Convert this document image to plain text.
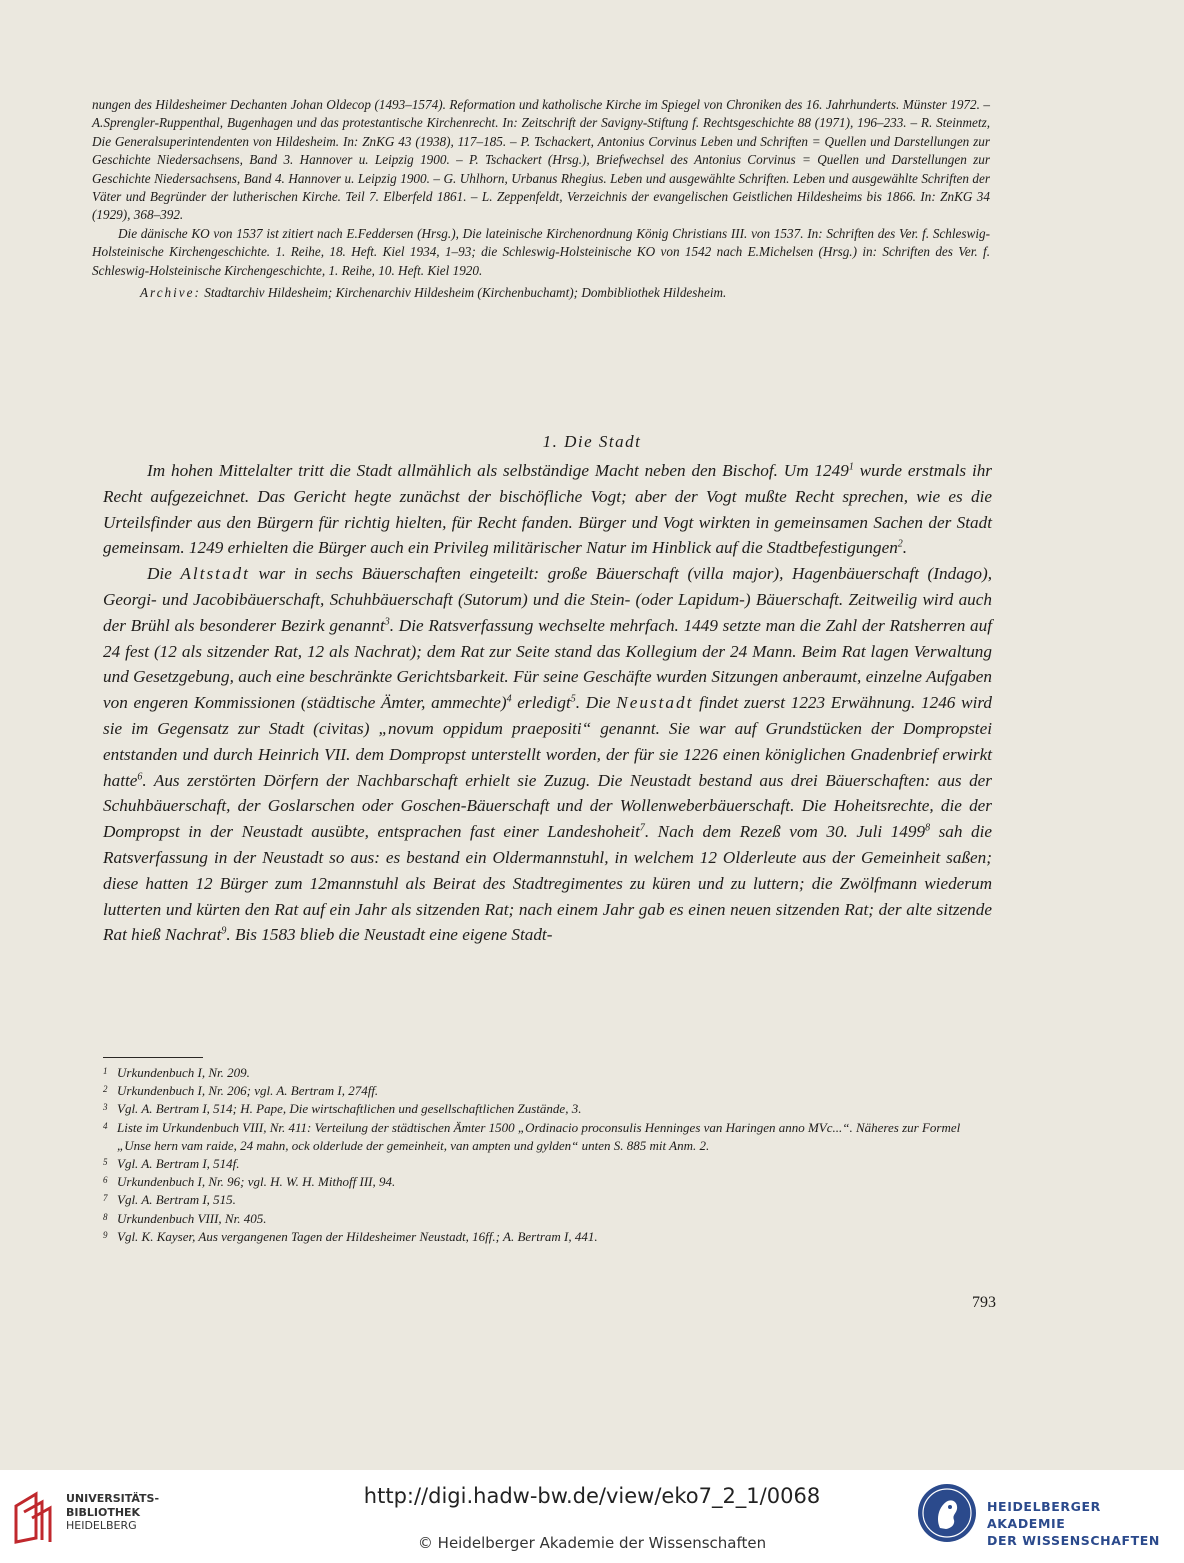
nungen des Hildesheimer Dechanten Johan Oldecop (1493–1574). Reformation und katholische Kirche im Spiegel von Chroniken des 16. Jahrhunderts. Münster 1972. – A.Sprengler-Ruppenthal, Bugenhagen und das protestantische Kirchenrecht. In: Zeitschrift der Savigny-Stiftung f. Rechtsgeschichte 88 (1971), 196–233. – R. Steinmetz, Die Generalsuperintendenten von Hildesheim. In: ZnKG 43 (1938), 117–185. – P. Tschackert, Antonius Corvinus Leben und Schriften = Quellen und Darstellungen zur Geschichte Niedersachsens, Band 3. Hannover u. Leipzig 1900. – P. Tschackert (Hrsg.), Briefwechsel des Antonius Corvinus = Quellen und Darstellungen zur Geschichte Niedersachsens, Band 4. Hannover u. Leipzig 1900. – G. Uhlhorn, Urbanus Rhegius. Leben und ausgewählte Schriften. Leben und ausgewählte Schriften der Väter und Begründer der lutherischen Kirche. Teil 7. Elberfeld 1861. – L. Zeppenfeldt, Verzeichnis der evangelischen Geistlichen Hildesheims bis 1866. In: ZnKG 34 (1929), 368–392.

Die dänische KO von 1537 ist zitiert nach E.Feddersen (Hrsg.), Die lateinische Kirchenordnung König Christians III. von 1537. In: Schriften des Ver. f. Schleswig-Holsteinische Kirchengeschichte. 1. Reihe, 18. Heft. Kiel 1934, 1–93; die Schleswig-Holsteinische KO von 1542 nach E.Michelsen (Hrsg.) in: Schriften des Ver. f. Schleswig-Holsteinische Kirchengeschichte, 1. Reihe, 10. Heft. Kiel 1920.

Archive: Stadtarchiv Hildesheim; Kirchenarchiv Hildesheim (Kirchenbuchamt); Dombibliothek Hildesheim.

1. Die Stadt

Im hohen Mittelalter tritt die Stadt allmählich als selbständige Macht neben den Bischof. Um 1249$^1$ wurde erstmals ihr Recht aufgezeichnet. Das Gericht hegte zunächst der bischöfliche Vogt; aber der Vogt mußte Recht sprechen, wie es die Urteilsfinder aus den Bürgern für richtig hielten, für Recht fanden. Bürger und Vogt wirkten in gemeinsamen Sachen der Stadt gemeinsam. 1249 erhielten die Bürger auch ein Privileg militärischer Natur im Hinblick auf die Stadtbefestigungen$^2$.

Die Altstadt war in sechs Bäuerschaften eingeteilt: große Bäuerschaft (villa major), Hagenbäuerschaft (Indago), Georgi- und Jacobibäuerschaft, Schuhbäuerschaft (Sutorum) und die Stein- (oder Lapidum-) Bäuerschaft. Zeitweilig wird auch der Brühl als besonderer Bezirk genannt$^3$. Die Ratsverfassung wechselte mehrfach. 1449 setzte man die Zahl der Ratsherren auf 24 fest (12 als sitzender Rat, 12 als Nachrat); dem Rat zur Seite stand das Kollegium der 24 Mann. Beim Rat lagen Verwaltung und Gesetzgebung, auch eine beschränkte Gerichtsbarkeit. Für seine Geschäfte wurden Sitzungen anberaumt, einzelne Aufgaben von engeren Kommissionen (städtische Ämter, ammechte)$^4$ erledigt$^5$. Die Neustadt findet zuerst 1223 Erwähnung. 1246 wird sie im Gegensatz zur Stadt (civitas) „novum oppidum praepositi“ genannt. Sie war auf Grundstücken der Dompropstei entstanden und durch Heinrich VII. dem Dompropst unterstellt worden, der für sie 1226 einen königlichen Gnadenbrief erwirkt hatte$^6$. Aus zerstörten Dörfern der Nachbarschaft erhielt sie Zuzug. Die Neustadt bestand aus drei Bäuerschaften: aus der Schuhbäuerschaft, der Goslarschen oder Goschen-Bäuerschaft und der Wollenweberbäuerschaft. Die Hoheitsrechte, die der Dompropst in der Neustadt ausübte, entsprachen fast einer Landeshoheit$^7$. Nach dem Rezeß vom 30. Juli 1499$^8$ sah die Ratsverfassung in der Neustadt so aus: es bestand ein Oldermannstuhl, in welchem 12 Olderleute aus der Gemeinheit saßen; diese hatten 12 Bürger zum 12mannstuhl als Beirat des Stadtregimentes zu küren und zu luttern; die Zwölfmann wiederum lutterten und kürten den Rat auf ein Jahr als sitzenden Rat; nach einem Jahr gab es einen neuen sitzenden Rat; der alte sitzende Rat hieß Nachrat$^9$. Bis 1583 blieb die Neustadt eine eigene Stadt-

1 Urkundenbuch I, Nr. 209.
2 Urkundenbuch I, Nr. 206; vgl. A. Bertram I, 274ff.
3 Vgl. A. Bertram I, 514; H. Pape, Die wirtschaftlichen und gesellschaftlichen Zustände, 3.
4 Liste im Urkundenbuch VIII, Nr. 411: Verteilung der städtischen Ämter 1500 „Ordinacio proconsulis Henninges van Haringen anno MVc...“. Näheres zur Formel „Unse hern vam raide, 24 mahn, ock olderlude der gemeinheit, van ampten und gylden“ unten S. 885 mit Anm. 2.
5 Vgl. A. Bertram I, 514f.
6 Urkundenbuch I, Nr. 96; vgl. H. W. H. Mithoff III, 94.
7 Vgl. A. Bertram I, 515.
8 Urkundenbuch VIII, Nr. 405.
9 Vgl. K. Kayser, Aus vergangenen Tagen der Hildesheimer Neustadt, 16ff.; A. Bertram I, 441.
793
UNIVERSITÄTS-
BIBLIOTHEK
HEIDELBERG
http://digi.hadw-bw.de/view/eko7_2_1/0068
© Heidelberger Akademie der Wissenschaften
HEIDELBERGER AKADEMIE
DER WISSENSCHAFTEN
